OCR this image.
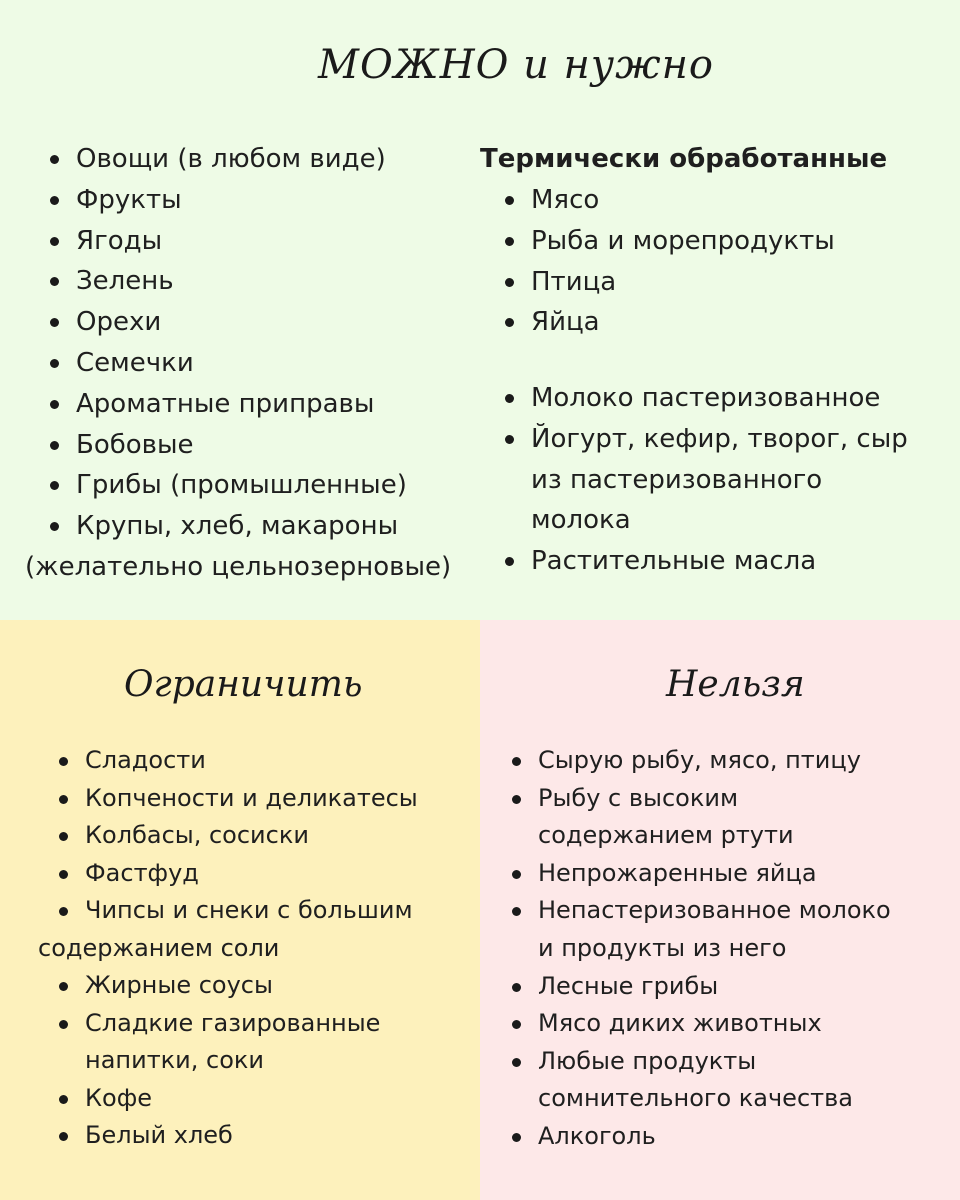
МОЖНО и нужно
Овощи (в любом виде)
Фрукты
Ягоды
Зелень
Орехи
Семечки
Ароматные приправы
Бобовые
Грибы (промышленные)
Крупы, хлеб, макароны

(желательно цельнозерновые)

Термически обработанные
Мясо
Рыба и морепродукты
Птица
Яйца
Молоко пастеризованное
Йогурт, кефир, творог, сыр
из пастеризованного
молока
Растительные масла
Ограничить
Сладости
Копчености и деликатесы
Колбасы, сосиски
Фастфуд
Чипсы и снеки с большим

содержанием соли

Жирные соусы
Сладкие газированные
напитки, соки
Кофе
Белый хлеб
Нельзя
Сырую рыбу, мясо, птицу
Рыбу с высоким
содержанием ртути
Непрожаренные яйца
Непастеризованное молоко
и продукты из него
Лесные грибы
Мясо диких животных
Любые продукты
сомнительного качества
Алкоголь
